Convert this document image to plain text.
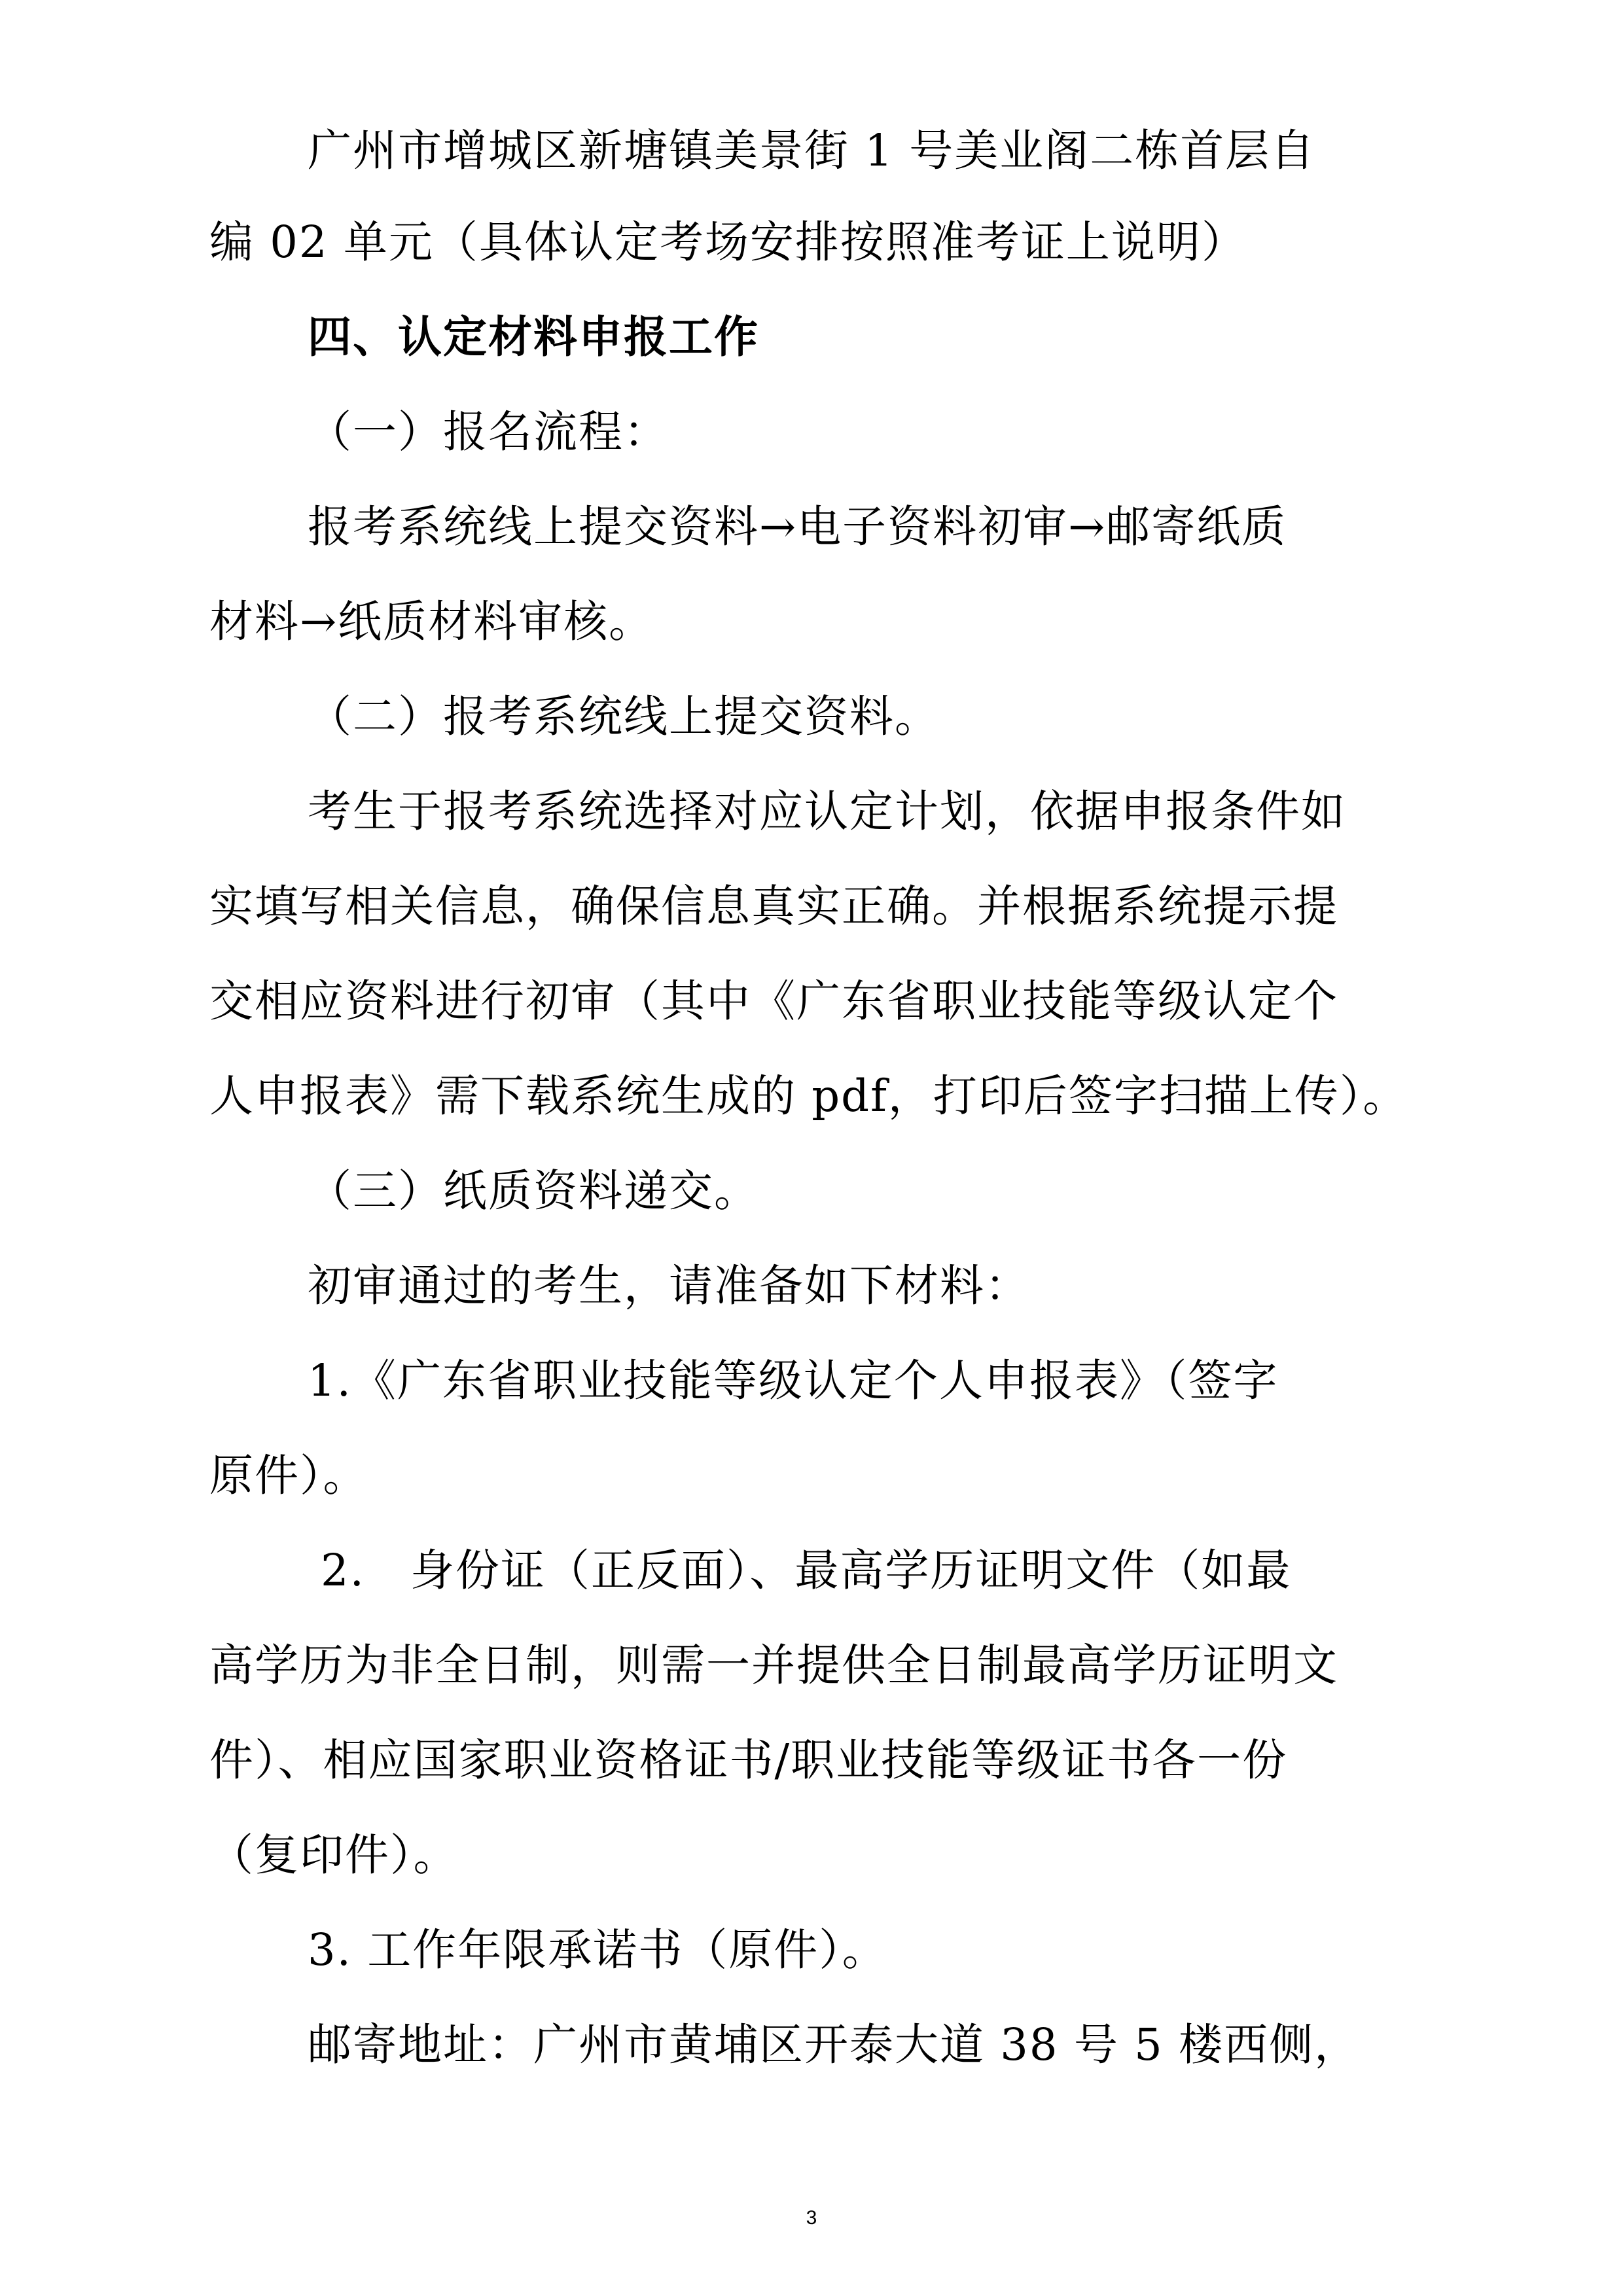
广州市增城区新塘镇美景街 1 号美业阁二栋首层自
编 02 单元（具体认定考场安排按照准考证上说明）
四、认定材料申报工作
（一）报名流程：
报考系统线上提交资料→电子资料初审→邮寄纸质
材料→纸质材料审核。
（二）报考系统线上提交资料。
考生于报考系统选择对应认定计划，依据申报条件如
实填写相关信息，确保信息真实正确。并根据系统提示提
交相应资料进行初审（其中《广东省职业技能等级认定个
人申报表》需下载系统生成的 pdf，打印后签字扫描上传）。
（三）纸质资料递交。
初审通过的考生，请准备如下材料：
1.《广东省职业技能等级认定个人申报表》（签字
原件）。
2.　身份证（正反面）、最高学历证明文件（如最
高学历为非全日制，则需一并提供全日制最高学历证明文
件）、相应国家职业资格证书/职业技能等级证书各一份
（复印件）。
3. 工作年限承诺书（原件）。
邮寄地址：广州市黄埔区开泰大道 38 号 5 楼西侧，
3
